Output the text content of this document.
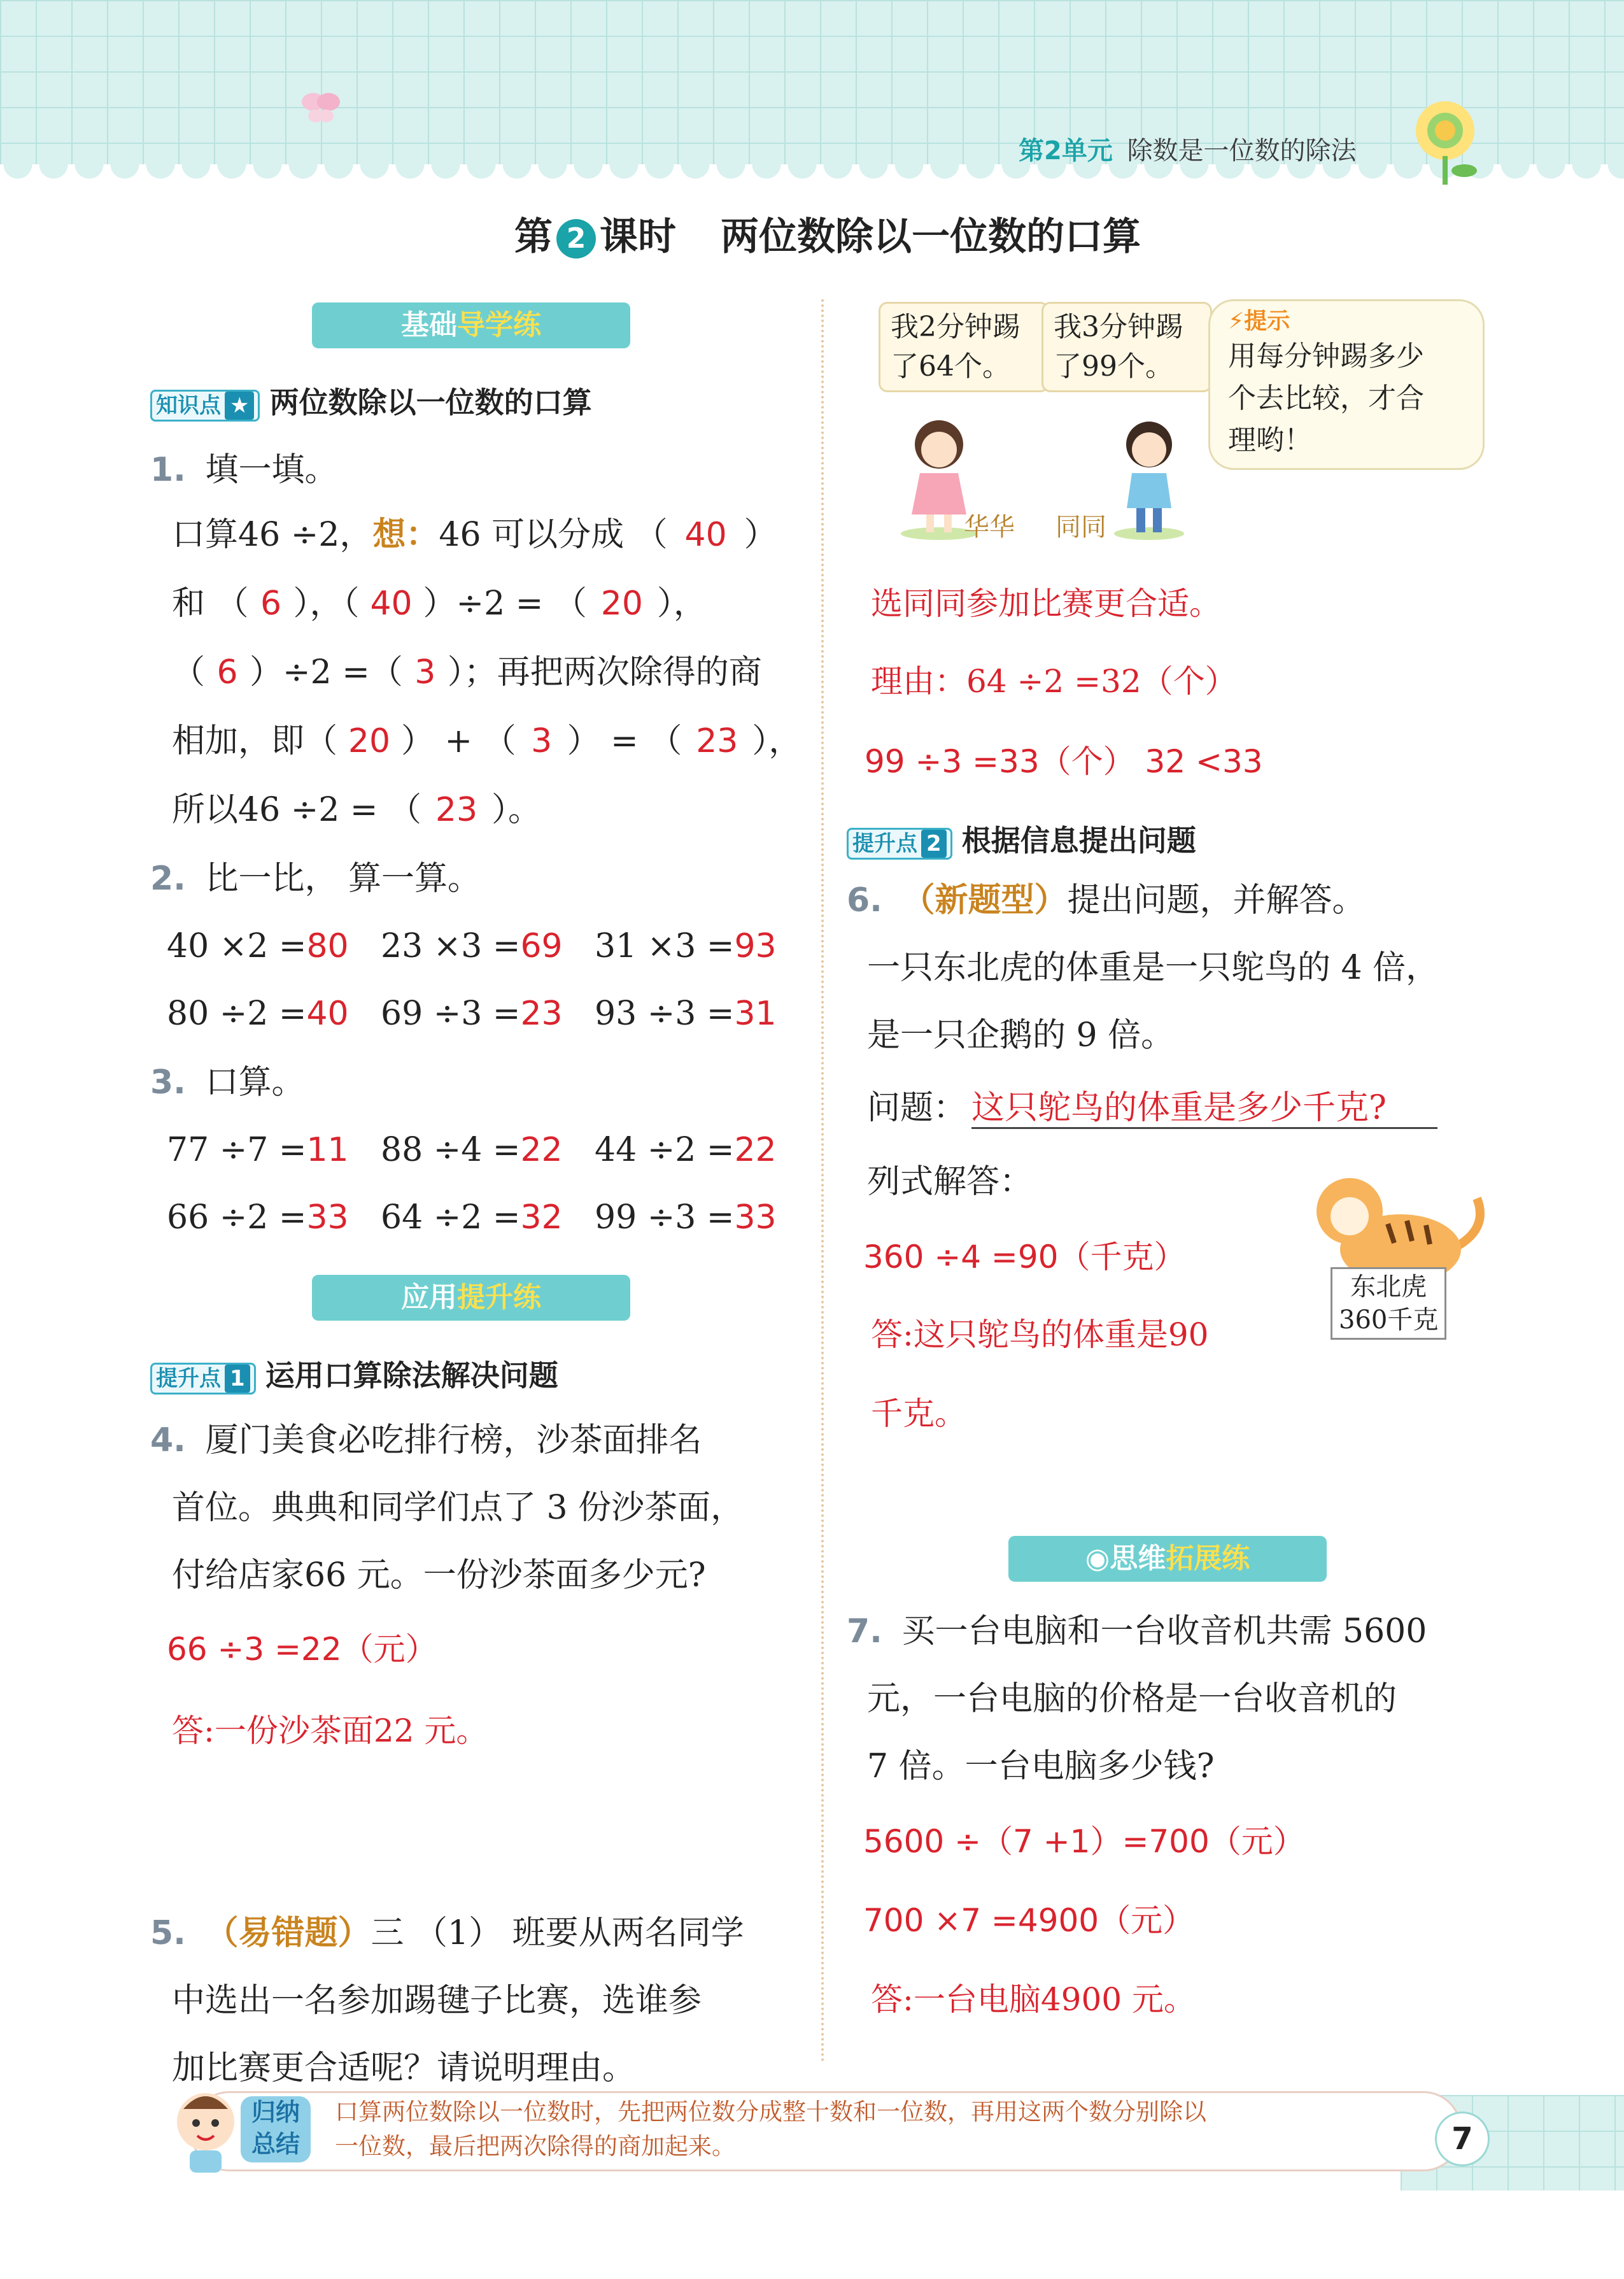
第2单元 除数是一位数的除法
第 2 课时 两位数除以一位数的口算
基础导学练
知识点 ★ 两位数除以一位数的口算
1. 填一填。
口算46 ÷2，想：46 可以分成 （ 40 ）
和 （ 6 ），（ 40 ）÷2 = （ 20 ），
（ 6 ）÷2 =（ 3 ）；再把两次除得的商
相加，即（ 20 ） + （ 3 ） = （ 23 ），
所以46 ÷2 = （ 23 ）。
2. 比一比， 算一算。
40 ×2 =80 23 ×3 =69 31 ×3 =93
80 ÷2 =40 69 ÷3 =23 93 ÷3 =31
3. 口算。
77 ÷7 =11 88 ÷4 =22 44 ÷2 =22
66 ÷2 =33 64 ÷2 =32 99 ÷3 =33
应用提升练
提升点 1 运用口算除法解决问题
4. 厦门美食必吃排行榜，沙茶面排名
首位。典典和同学们点了 3 份沙茶面，
付给店家66 元。一份沙茶面多少元?
66 ÷3 =22（元）
答:一份沙茶面22 元。
5. （易错题）三 （1） 班要从两名同学
中选出一名参加踢毽子比赛，选谁参
加比赛更合适呢？请说明理由。
我2分钟踢
了64个。
我3分钟踢
了99个。
⚡提示
用每分钟踢多少
个去比较，才合
理哟！
华华 同同
选同同参加比赛更合适。
理由：64 ÷2 =32（个）
99 ÷3 =33（个） 32 <33
提升点 2 根据信息提出问题
6. （新题型）提出问题，并解答。
一只东北虎的体重是一只鸵鸟的 4 倍，
是一只企鹅的 9 倍。
问题： 这只鸵鸟的体重是多少千克?
列式解答：
东北虎
360千克
360 ÷4 =90（千克）
答:这只鸵鸟的体重是90
千克。
◉思维拓展练
7. 买一台电脑和一台收音机共需 5600
元，一台电脑的价格是一台收音机的
7 倍。一台电脑多少钱?
5600 ÷（7 +1）=700（元）
700 ×7 =4900（元）
答:一台电脑4900 元。
归纳
总结
口算两位数除以一位数时，先把两位数分成整十数和一位数，再用这两个数分别除以
一位数，最后把两次除得的商加起来。	7
